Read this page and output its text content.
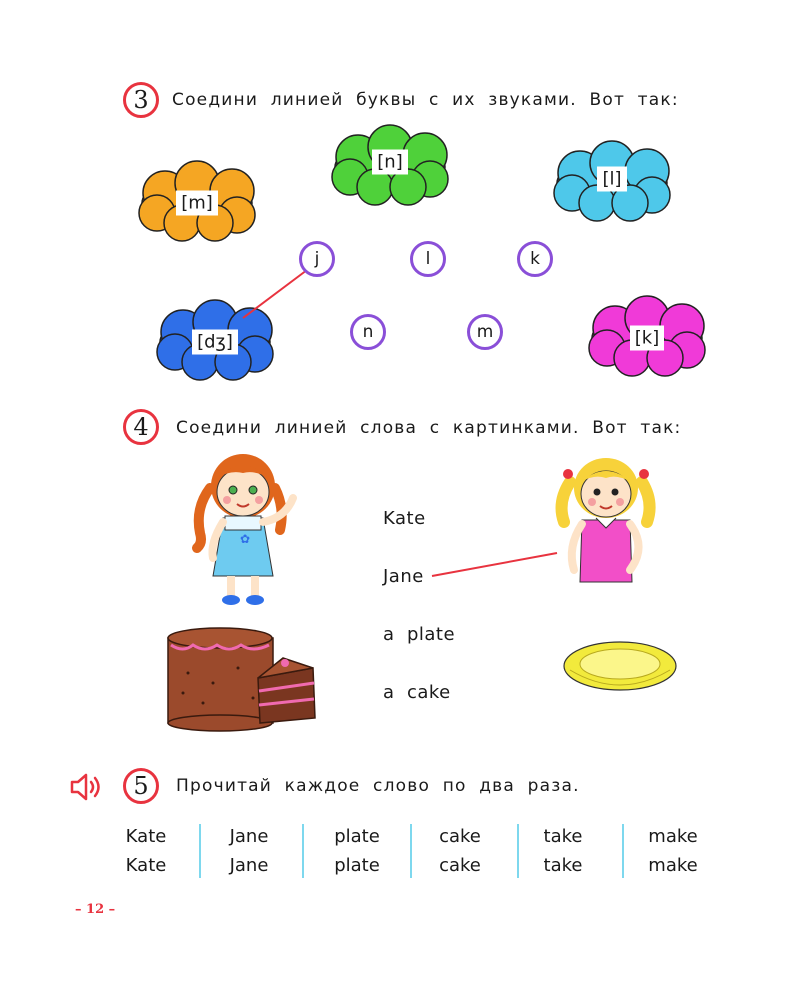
3 Соедини линией буквы с их звуками. Вот так:
[m]
[n]
[l]
[dʒ]	[k]
j	l	k
n	m
4 Соедини линией слова с картинками. Вот так:
✿
Kate
Jane
a  plate
a  cake
5 Прочитай каждое слово по два раза.
Kate	Jane	plate	cake	take	make
Kate	Jane	plate	cake	take	make
– 12 –
